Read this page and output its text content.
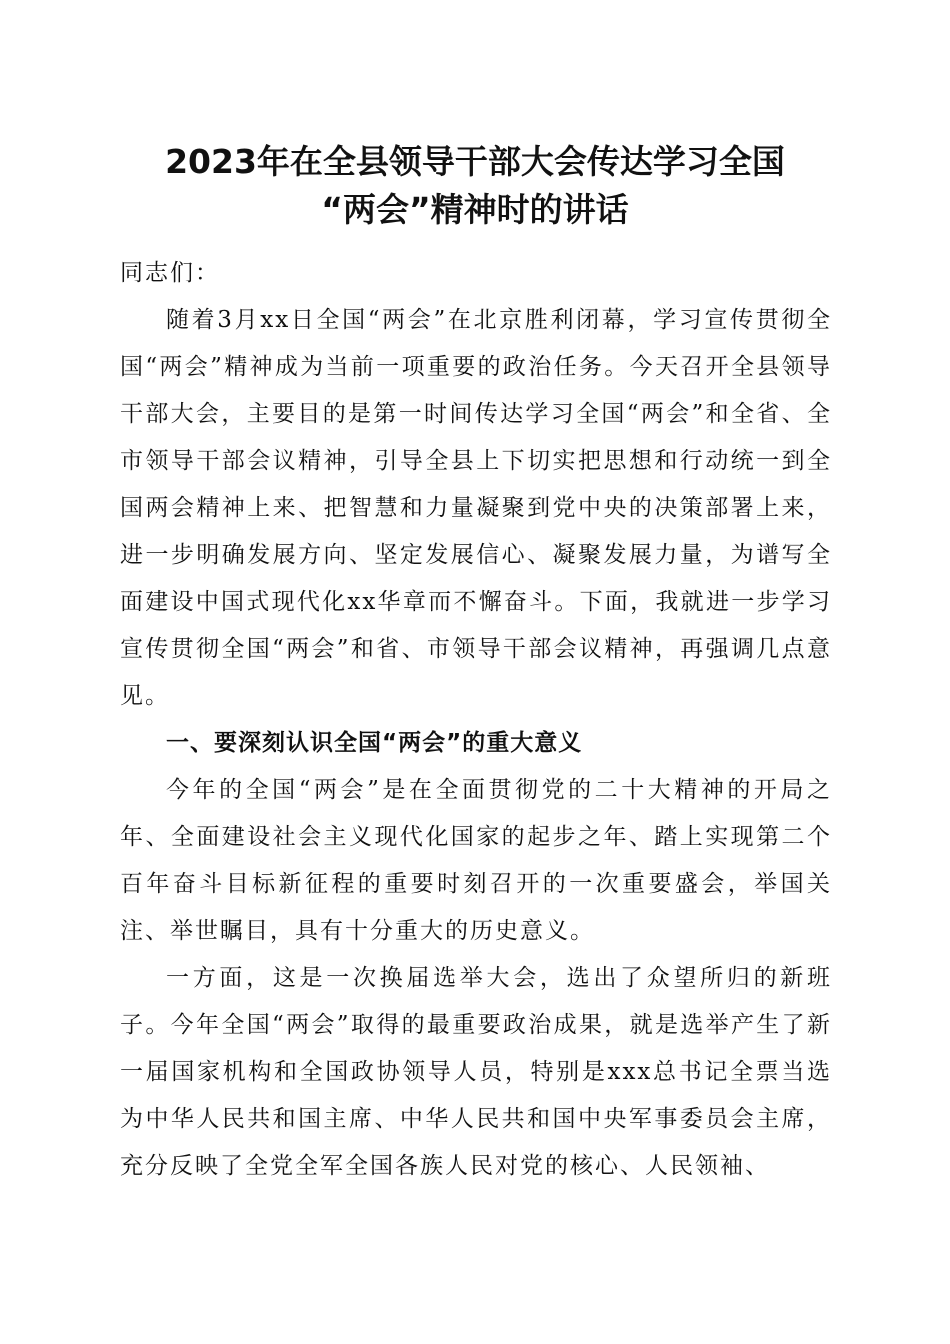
2023年在全县领导干部大会传达学习全国
“两会”精神时的讲话

同志们：

随着3月xx日全国“两会”在北京胜利闭幕，学习宣传贯彻全国“两会”精神成为当前一项重要的政治任务。今天召开全县领导干部大会，主要目的是第一时间传达学习全国“两会”和全省、全市领导干部会议精神，引导全县上下切实把思想和行动统一到全国两会精神上来、把智慧和力量凝聚到党中央的决策部署上来，进一步明确发展方向、坚定发展信心、凝聚发展力量，为谱写全面建设中国式现代化xx华章而不懈奋斗。下面，我就进一步学习宣传贯彻全国“两会”和省、市领导干部会议精神，再强调几点意见。

一、要深刻认识全国“两会”的重大意义

今年的全国“两会”是在全面贯彻党的二十大精神的开局之年、全面建设社会主义现代化国家的起步之年、踏上实现第二个百年奋斗目标新征程的重要时刻召开的一次重要盛会，举国关注、举世瞩目，具有十分重大的历史意义。

一方面，这是一次换届选举大会，选出了众望所归的新班子。今年全国“两会”取得的最重要政治成果，就是选举产生了新一届国家机构和全国政协领导人员，特别是xxx总书记全票当选为中华人民共和国主席、中华人民共和国中央军事委员会主席，充分反映了全党全军全国各族人民对党的核心、人民领袖、
